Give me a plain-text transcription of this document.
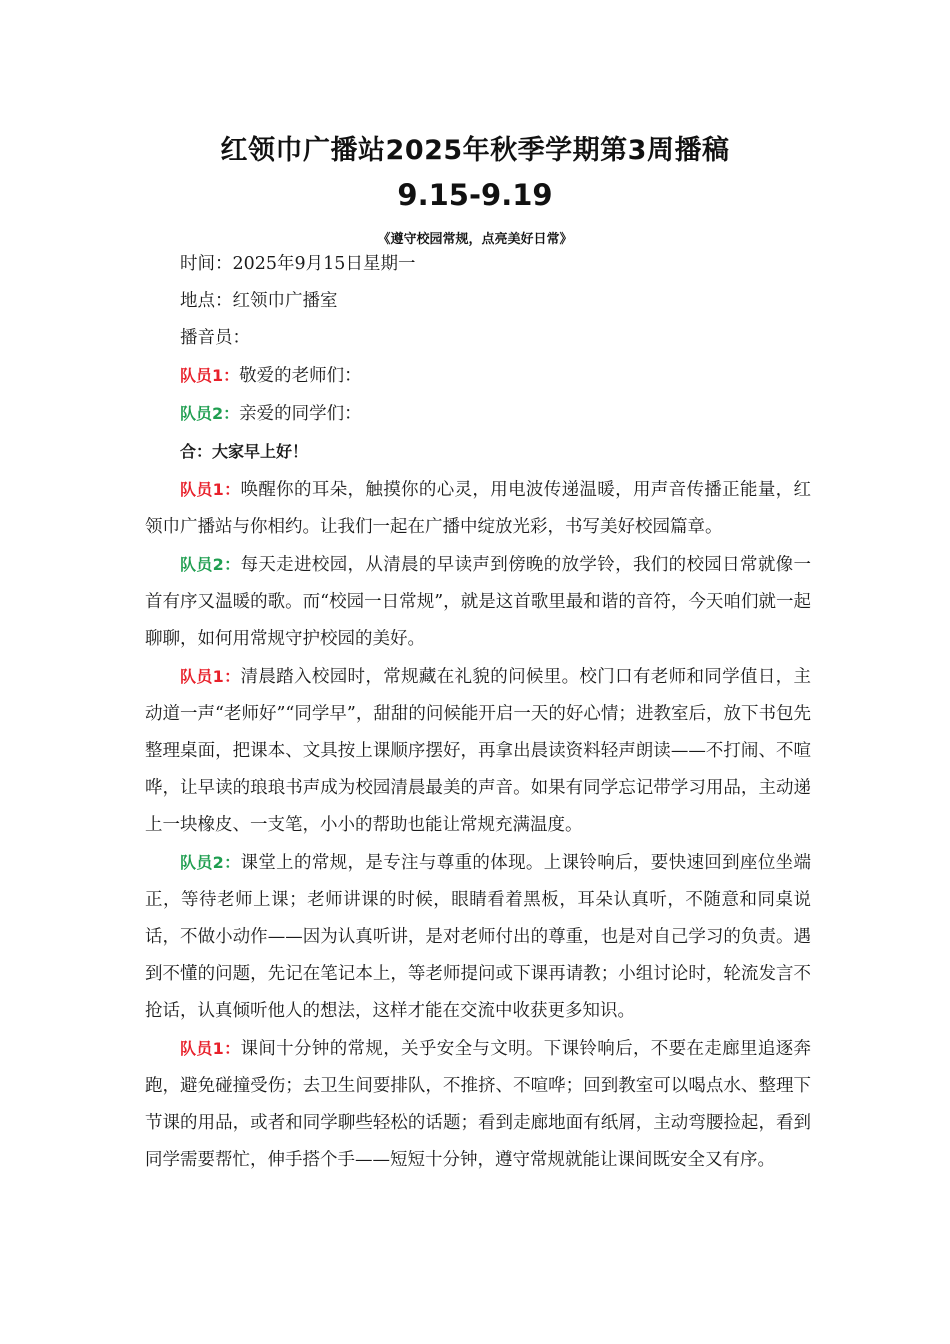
红领巾广播站2025年秋季学期第3周播稿
9.15-9.19
《遵守校园常规，点亮美好日常》

时间：2025年9月15日星期一

地点：红领巾广播室

播音员：

队员1：敬爱的老师们：

队员2：亲爱的同学们：

合：大家早上好！

队员1：唤醒你的耳朵，触摸你的心灵，用电波传递温暖，用声音传播正能量，红领巾广播站与你相约。让我们一起在广播中绽放光彩，书写美好校园篇章。

队员2：每天走进校园，从清晨的早读声到傍晚的放学铃，我们的校园日常就像一首有序又温暖的歌。而“校园一日常规”，就是这首歌里最和谐的音符，今天咱们就一起聊聊，如何用常规守护校园的美好。

队员1：清晨踏入校园时，常规藏在礼貌的问候里。校门口有老师和同学值日，主动道一声“老师好”“同学早”，甜甜的问候能开启一天的好心情；进教室后，放下书包先整理桌面，把课本、文具按上课顺序摆好，再拿出晨读资料轻声朗读——不打闹、不喧哗，让早读的琅琅书声成为校园清晨最美的声音。如果有同学忘记带学习用品，主动递上一块橡皮、一支笔，小小的帮助也能让常规充满温度。

队员2：课堂上的常规，是专注与尊重的体现。上课铃响后，要快速回到座位坐端正，等待老师上课；老师讲课的时候，眼睛看着黑板，耳朵认真听，不随意和同桌说话，不做小动作——因为认真听讲，是对老师付出的尊重，也是对自己学习的负责。遇到不懂的问题，先记在笔记本上，等老师提问或下课再请教；小组讨论时，轮流发言不抢话，认真倾听他人的想法，这样才能在交流中收获更多知识。

队员1：课间十分钟的常规，关乎安全与文明。下课铃响后，不要在走廊里追逐奔跑，避免碰撞受伤；去卫生间要排队，不推挤、不喧哗；回到教室可以喝点水、整理下节课的用品，或者和同学聊些轻松的话题；看到走廊地面有纸屑，主动弯腰捡起，看到同学需要帮忙，伸手搭个手——短短十分钟，遵守常规就能让课间既安全又有序。
